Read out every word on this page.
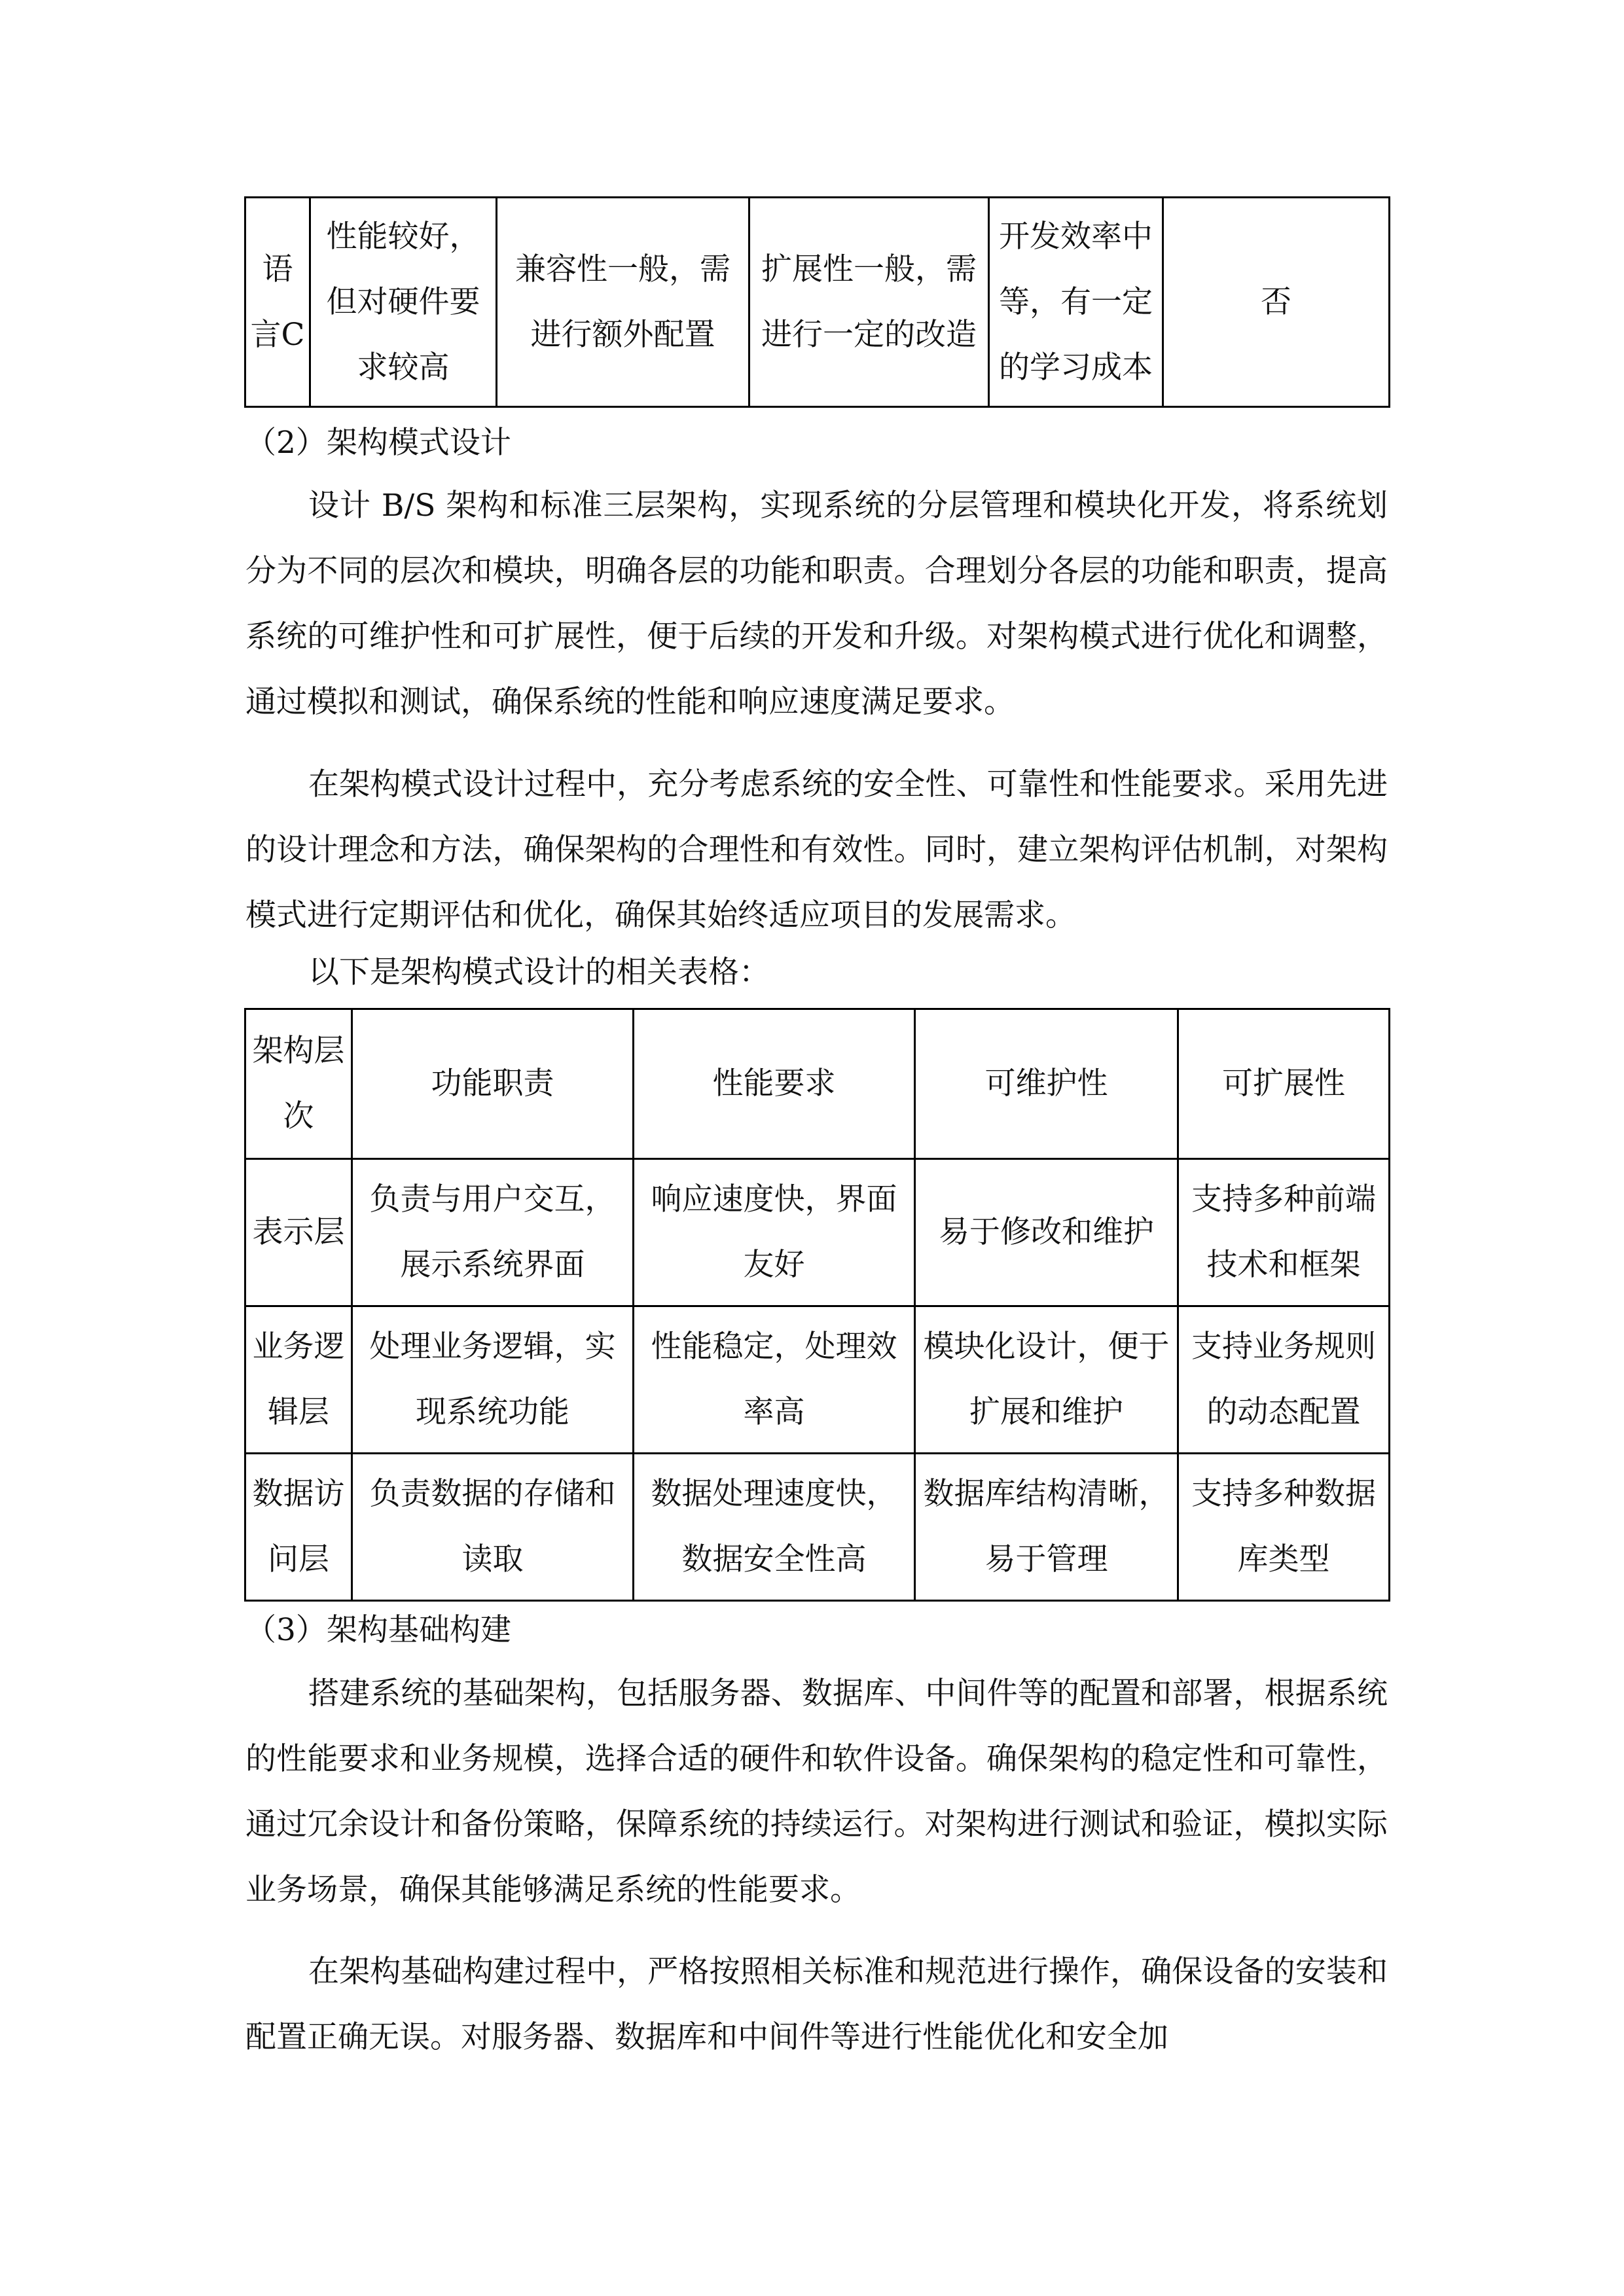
语言C	性能较好，但对硬件要求较高	兼容性一般，需进行额外配置	扩展性一般，需进行一定的改造	开发效率中等，有一定的学习成本	否
（2）架构模式设计
设计 B/S 架构和标准三层架构，实现系统的分层管理和模块化开发，将系统划分为不同的层次和模块，明确各层的功能和职责。合理划分各层的功能和职责，提高系统的可维护性和可扩展性，便于后续的开发和升级。对架构模式进行优化和调整，通过模拟和测试，确保系统的性能和响应速度满足要求。
在架构模式设计过程中，充分考虑系统的安全性、可靠性和性能要求。采用先进的设计理念和方法，确保架构的合理性和有效性。同时，建立架构评估机制，对架构模式进行定期评估和优化，确保其始终适应项目的发展需求。
以下是架构模式设计的相关表格：
架构层次	功能职责	性能要求	可维护性	可扩展性
表示层	负责与用户交互，展示系统界面	响应速度快，界面友好	易于修改和维护	支持多种前端技术和框架
业务逻辑层	处理业务逻辑，实现系统功能	性能稳定，处理效率高	模块化设计，便于扩展和维护	支持业务规则的动态配置
数据访问层	负责数据的存储和读取	数据处理速度快，数据安全性高	数据库结构清晰，易于管理	支持多种数据库类型
（3）架构基础构建
搭建系统的基础架构，包括服务器、数据库、中间件等的配置和部署，根据系统的性能要求和业务规模，选择合适的硬件和软件设备。确保架构的稳定性和可靠性，通过冗余设计和备份策略，保障系统的持续运行。对架构进行测试和验证，模拟实际业务场景，确保其能够满足系统的性能要求。
在架构基础构建过程中，严格按照相关标准和规范进行操作，确保设备的安装和配置正确无误。对服务器、数据库和中间件等进行性能优化和安全加
